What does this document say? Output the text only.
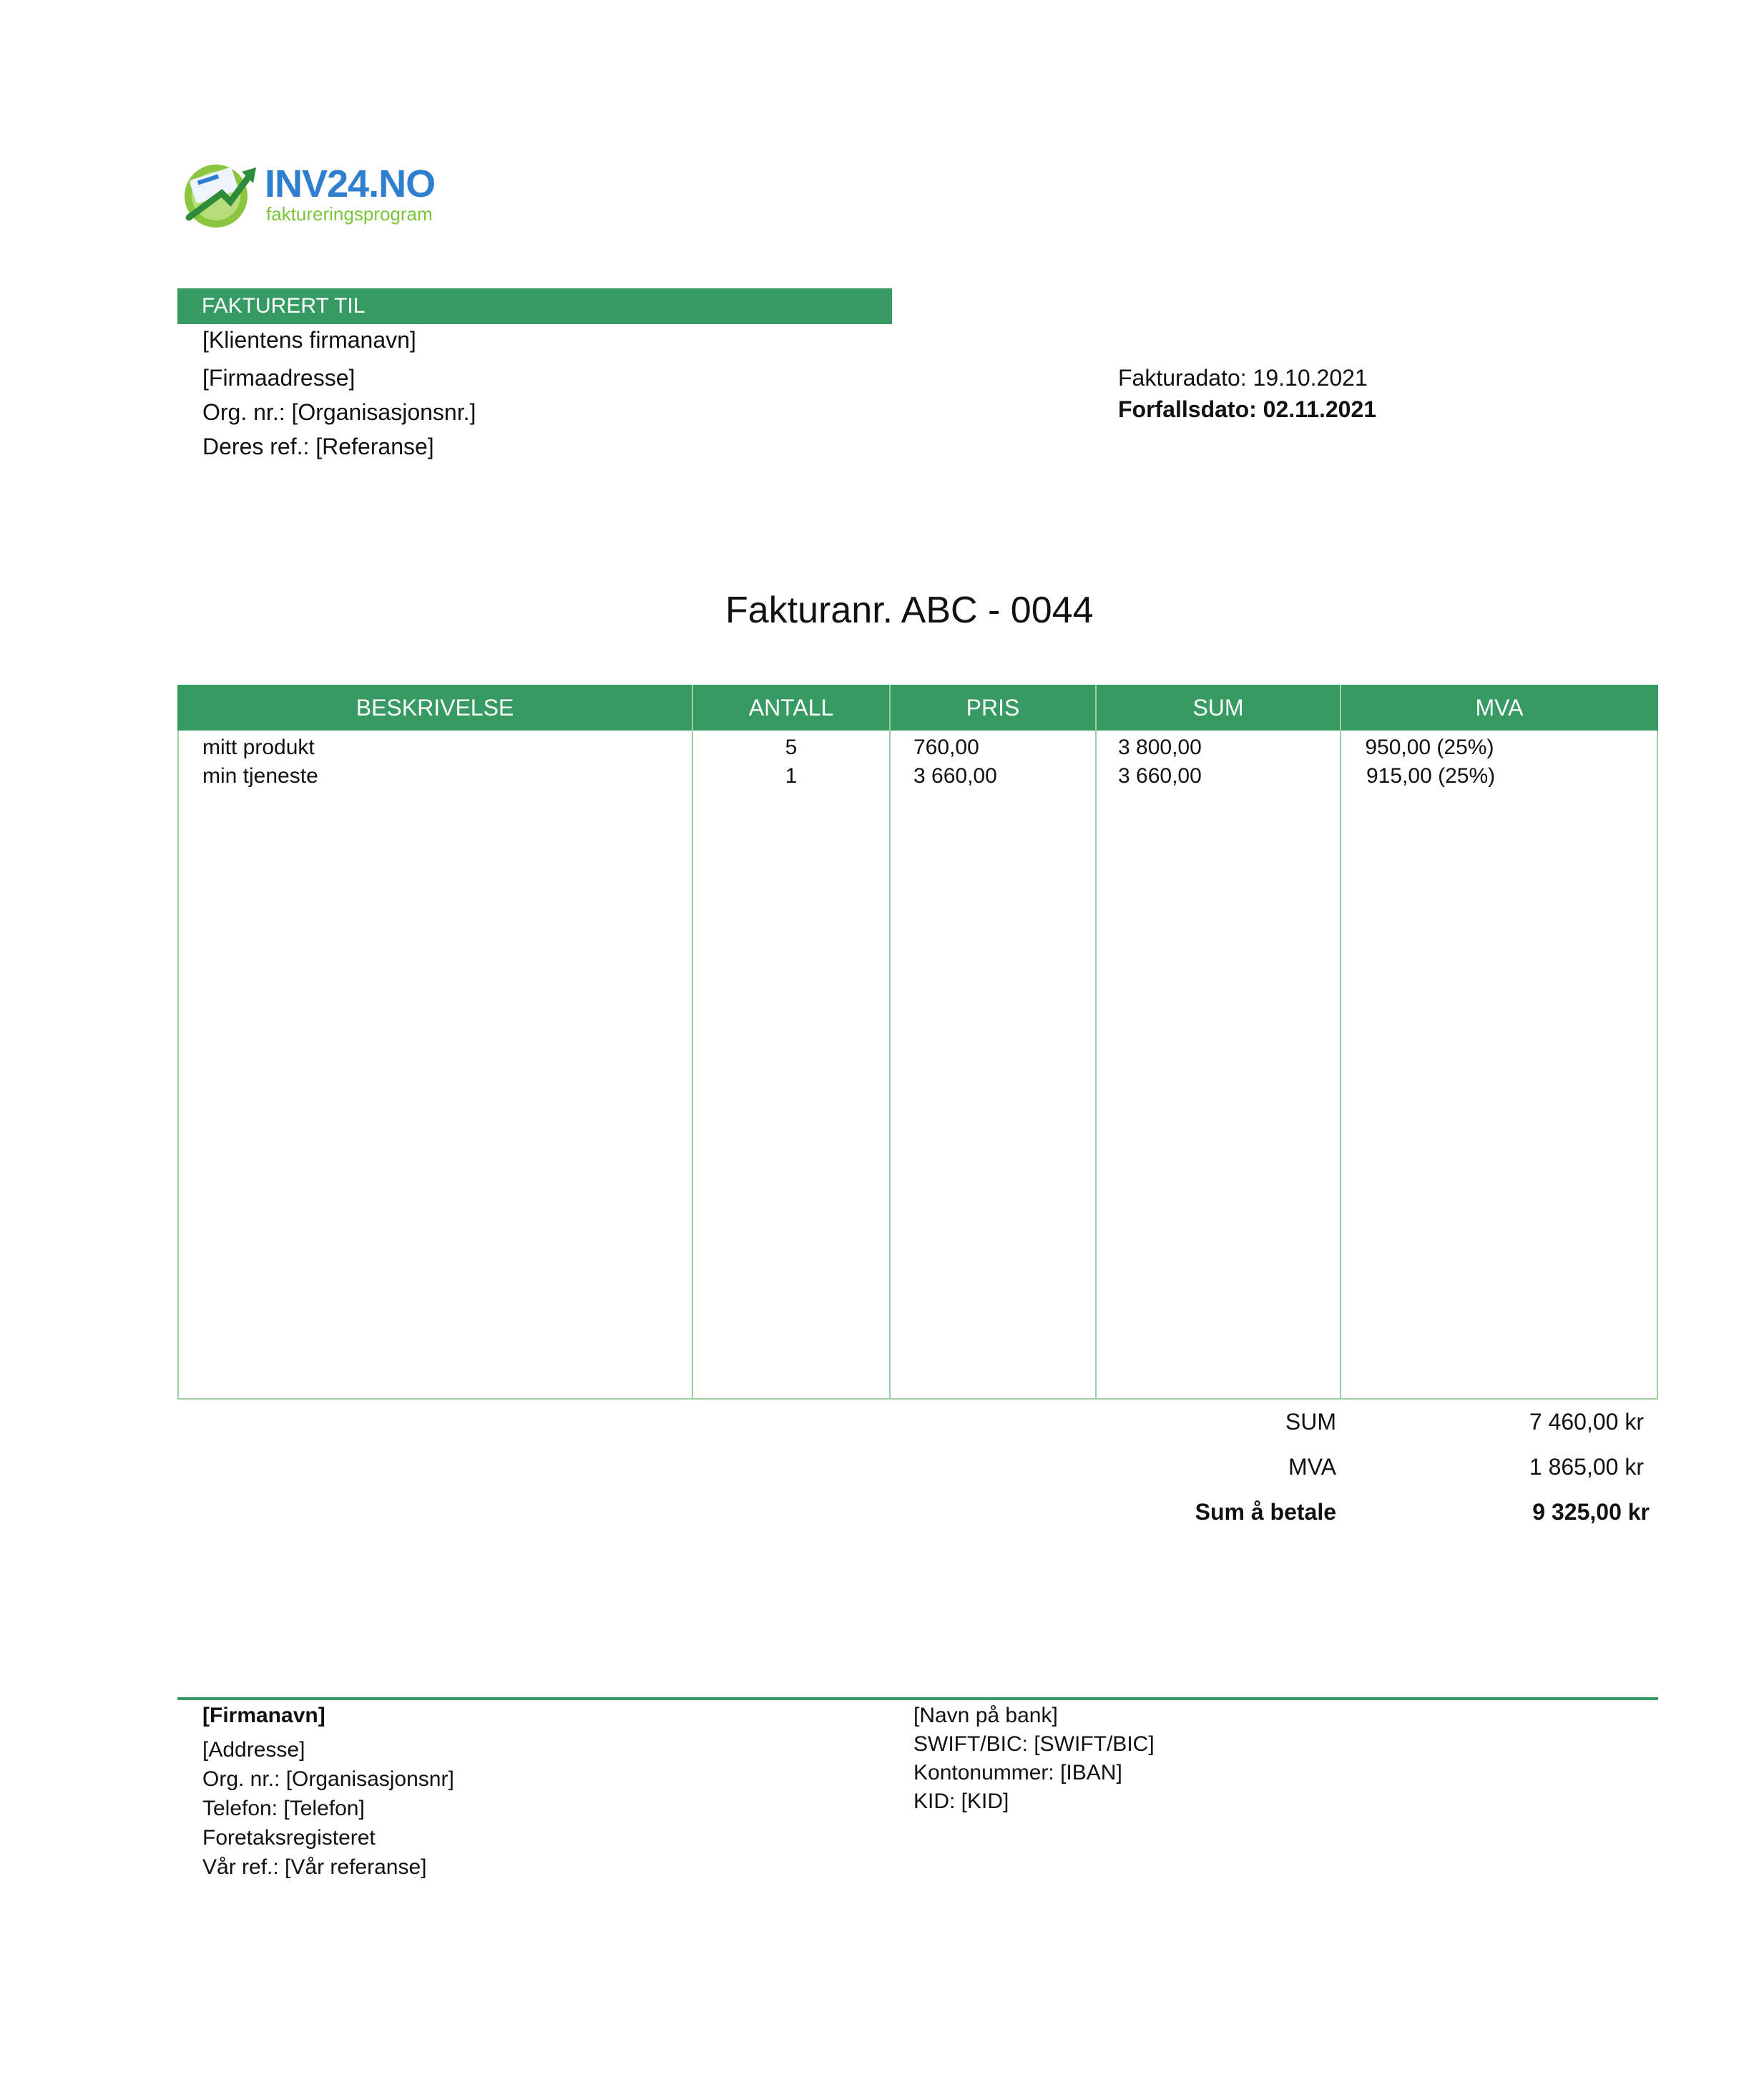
INV24.NO
faktureringsprogram
FAKTURERT TIL
[Klientens firmanavn]
[Firmaadresse]
Org. nr.: [Organisasjonsnr.]
Deres ref.: [Referanse]
Fakturadato: 19.10.2021
Forfallsdato: 02.11.2021
Fakturanr. ABC - 0044
BESKRIVELSE	ANTALL	PRIS	SUM	MVA
mitt produkt	5	760,00	3 800,00	950,00 (25%)
min tjeneste	1	3 660,00	3 660,00	915,00 (25%)
SUM	7 460,00 kr
MVA	1 865,00 kr
Sum å betale	9 325,00 kr
[Firmanavn]
[Addresse]
Org. nr.: [Organisasjonsnr]
Telefon: [Telefon]
Foretaksregisteret
Vår ref.: [Vår referanse]
[Navn på bank]
SWIFT/BIC: [SWIFT/BIC]
Kontonummer: [IBAN]
KID: [KID]
